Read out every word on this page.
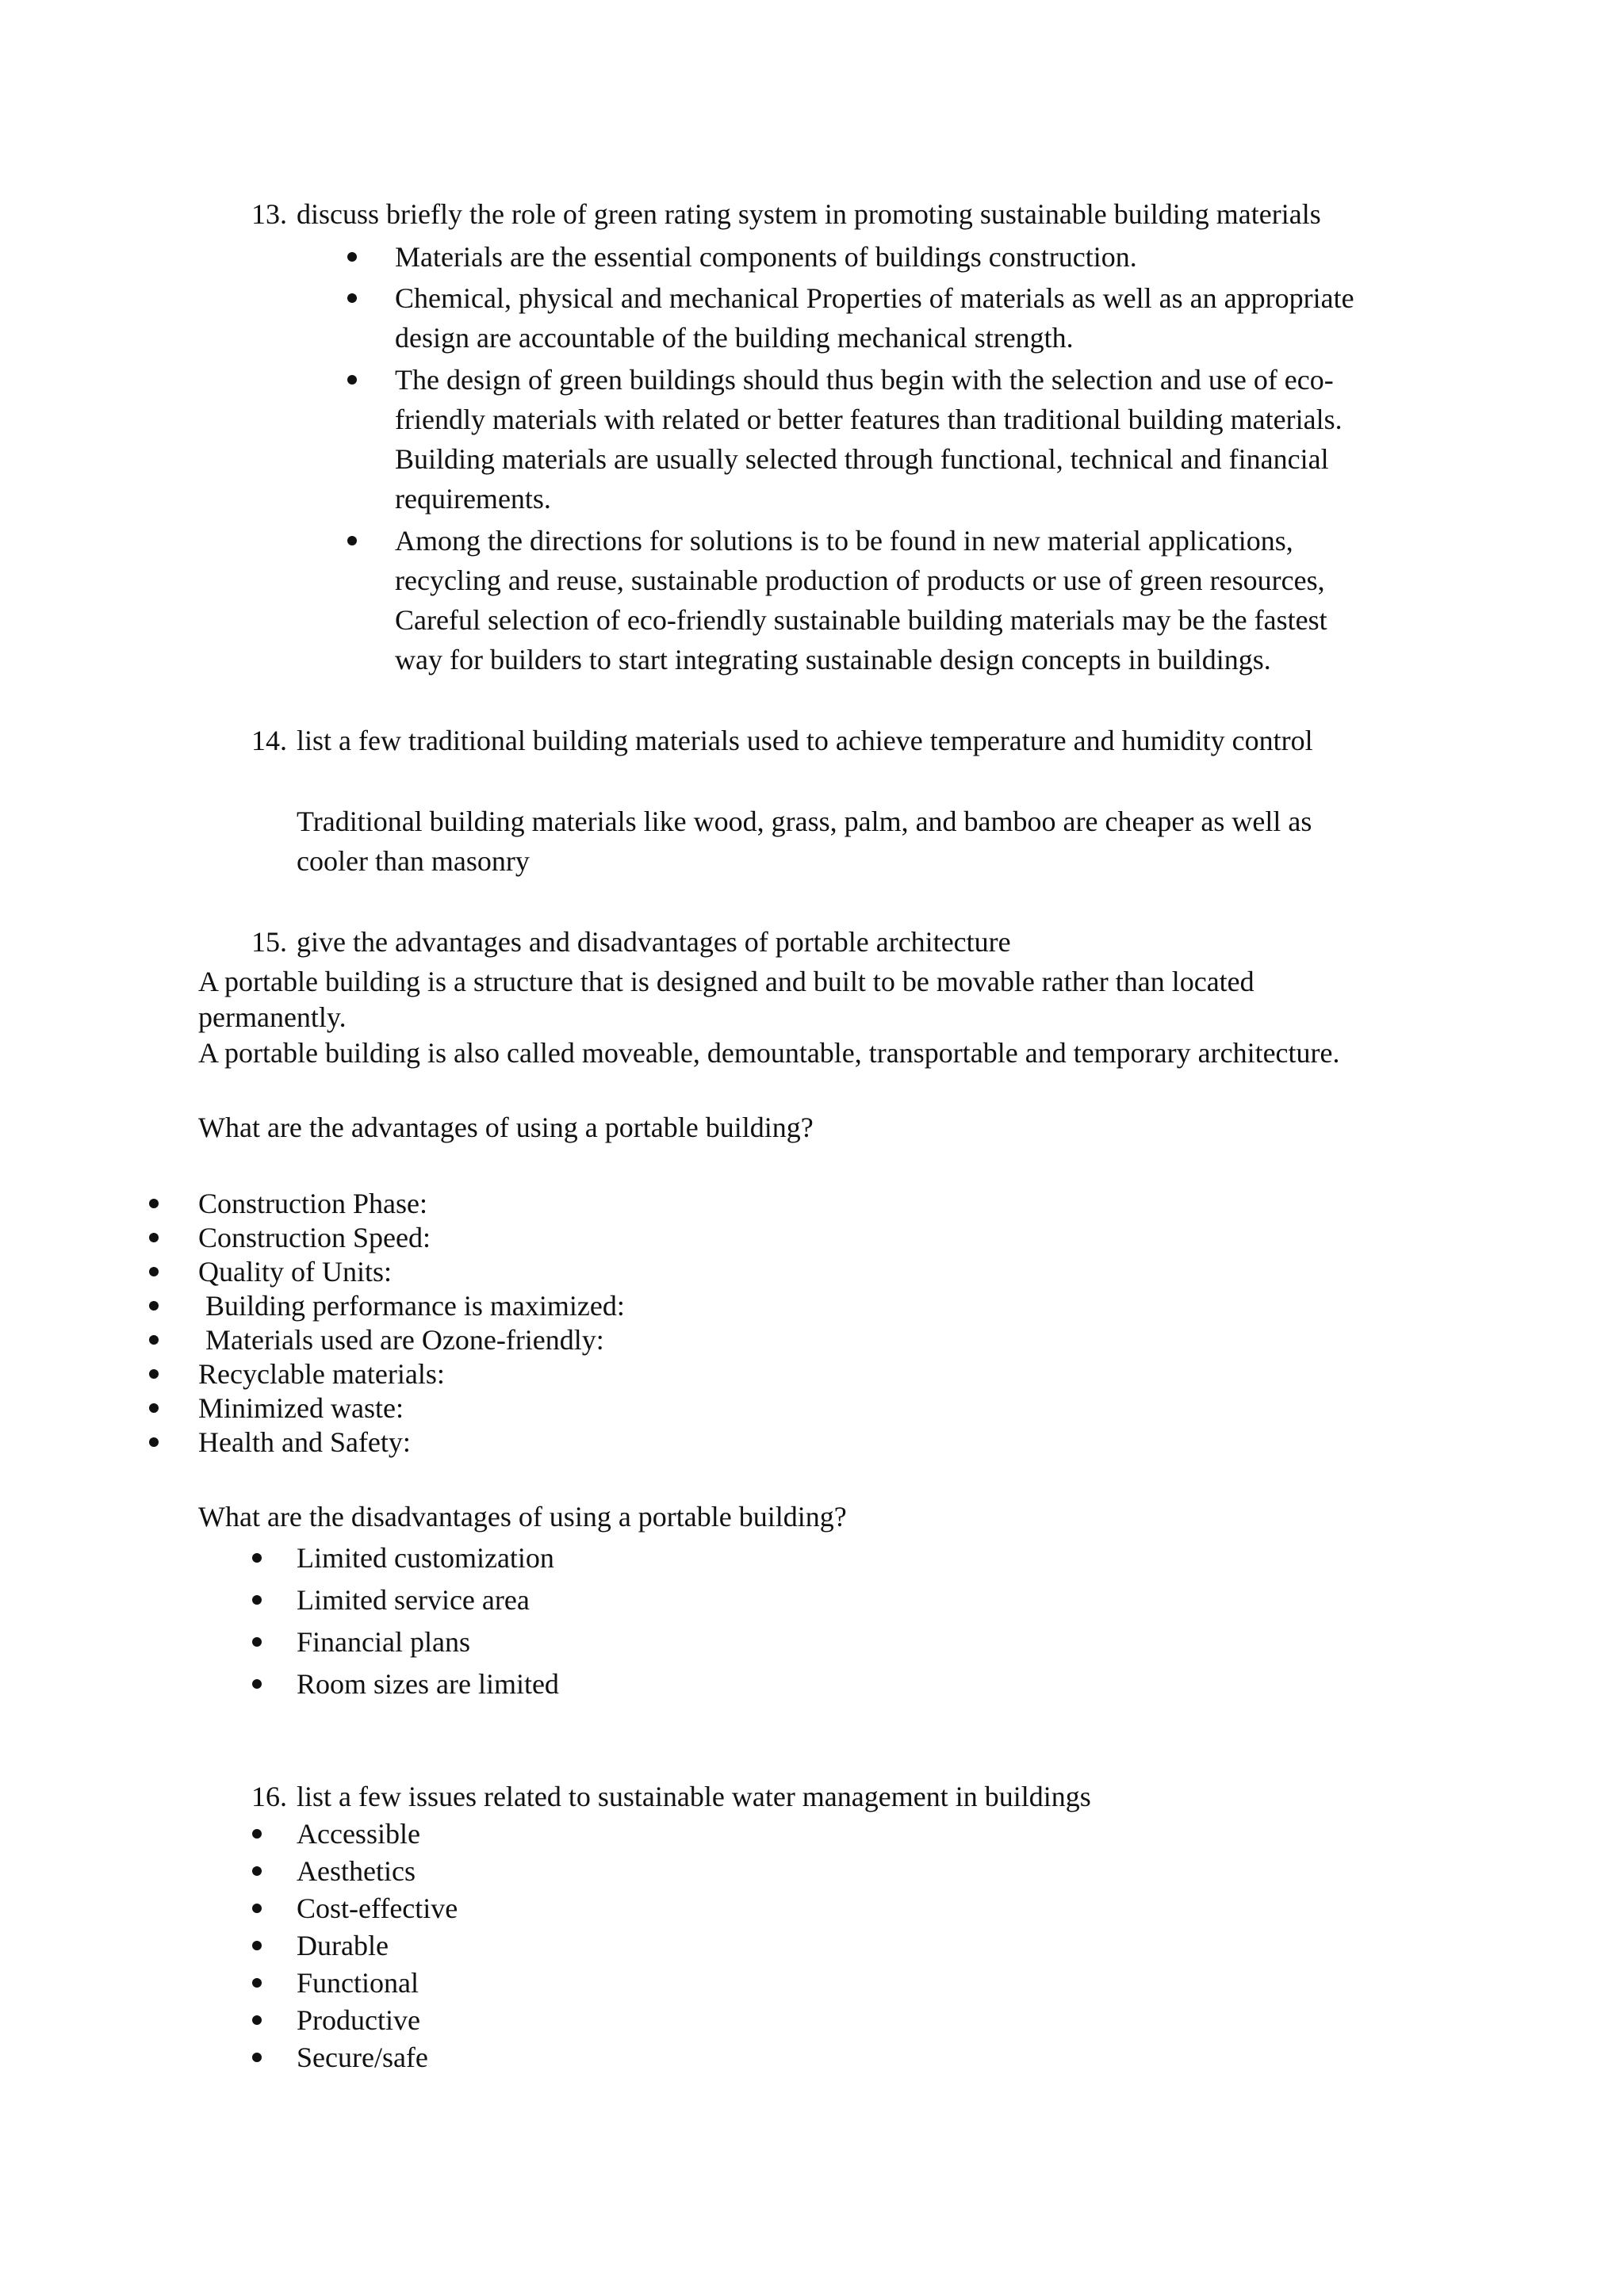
13. discuss briefly the role of green rating system in promoting sustainable building materials
Materials are the essential components of buildings construction.
Chemical, physical and mechanical Properties of materials as well as an appropriate
design are accountable of the building mechanical strength.
The design of green buildings should thus begin with the selection and use of eco-
friendly materials with related or better features than traditional building materials.
Building materials are usually selected through functional, technical and financial
requirements.
Among the directions for solutions is to be found in new material applications,
recycling and reuse, sustainable production of products or use of green resources,
Careful selection of eco-friendly sustainable building materials may be the fastest
way for builders to start integrating sustainable design concepts in buildings.
14. list a few traditional building materials used to achieve temperature and humidity control
Traditional building materials like wood, grass, palm, and bamboo are cheaper as well as
cooler than masonry
15. give the advantages and disadvantages of portable architecture
A portable building is a structure that is designed and built to be movable rather than located
permanently.
A portable building is also called moveable, demountable, transportable and temporary architecture.
What are the advantages of using a portable building?
Construction Phase:
Construction Speed:
Quality of Units:
Building performance is maximized:
Materials used are Ozone-friendly:
Recyclable materials:
Minimized waste:
Health and Safety:
What are the disadvantages of using a portable building?
Limited customization
Limited service area
Financial plans
Room sizes are limited
16. list a few issues related to sustainable water management in buildings
Accessible
Aesthetics
Cost-effective
Durable
Functional
Productive
Secure/safe
